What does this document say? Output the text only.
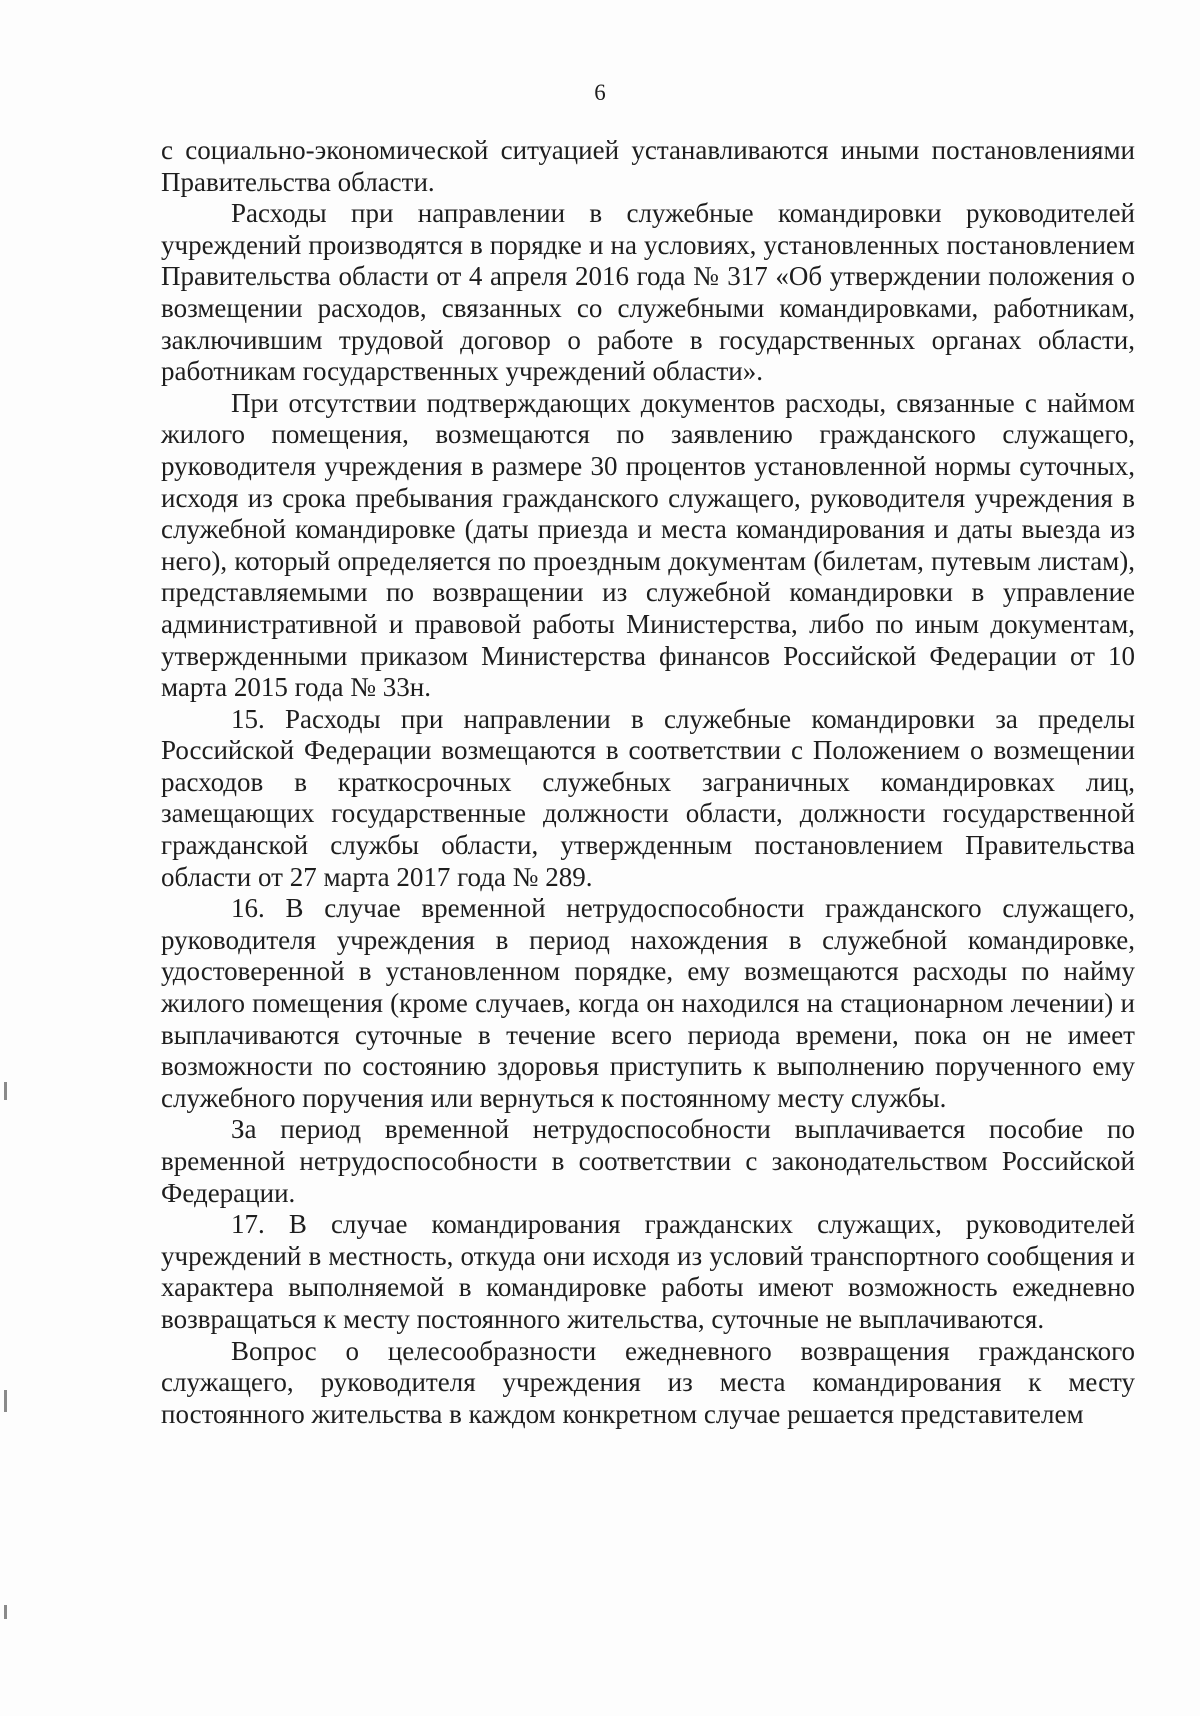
6

с социально-экономической ситуацией устанавливаются иными постановлениями Правительства области.

Расходы при направлении в служебные командировки руководителей учреждений производятся в порядке и на условиях, установленных постановлением Правительства области от 4 апреля 2016 года № 317 «Об утверждении положения о возмещении расходов, связанных со служебными командировками, работникам, заключившим трудовой договор о работе в государственных органах области, работникам государственных учреждений области».

При отсутствии подтверждающих документов расходы, связанные с наймом жилого помещения, возмещаются по заявлению гражданского служащего, руководителя учреждения в размере 30 процентов установленной нормы суточных, исходя из срока пребывания гражданского служащего, руководителя учреждения в служебной командировке (даты приезда и места командирования и даты выезда из него), который определяется по проездным документам (билетам, путевым листам), представляемыми по возвращении из служебной командировки в управление административной и правовой работы Министерства, либо по иным документам, утвержденными приказом Министерства финансов Российской Федерации от 10 марта 2015 года № 33н.

15. Расходы при направлении в служебные командировки за пределы Российской Федерации возмещаются в соответствии с Положением о возмещении расходов в краткосрочных служебных заграничных командировках лиц, замещающих государственные должности области, должности государственной гражданской службы области, утвержденным постановлением Правительства области от 27 марта 2017 года № 289.

16. В случае временной нетрудоспособности гражданского служащего, руководителя учреждения в период нахождения в служебной командировке, удостоверенной в установленном порядке, ему возмещаются расходы по найму жилого помещения (кроме случаев, когда он находился на стационарном лечении) и выплачиваются суточные в течение всего периода времени, пока он не имеет возможности по состоянию здоровья приступить к выполнению порученного ему служебного поручения или вернуться к постоянному месту службы.

За период временной нетрудоспособности выплачивается пособие по временной нетрудоспособности в соответствии с законодательством Российской Федерации.

17. В случае командирования гражданских служащих, руководителей учреждений в местность, откуда они исходя из условий транспортного сообщения и характера выполняемой в командировке работы имеют возможность ежедневно возвращаться к месту постоянного жительства, суточные не выплачиваются.

Вопрос о целесообразности ежедневного возвращения гражданского служащего, руководителя учреждения из места командирования к месту постоянного жительства в каждом конкретном случае решается представителем
